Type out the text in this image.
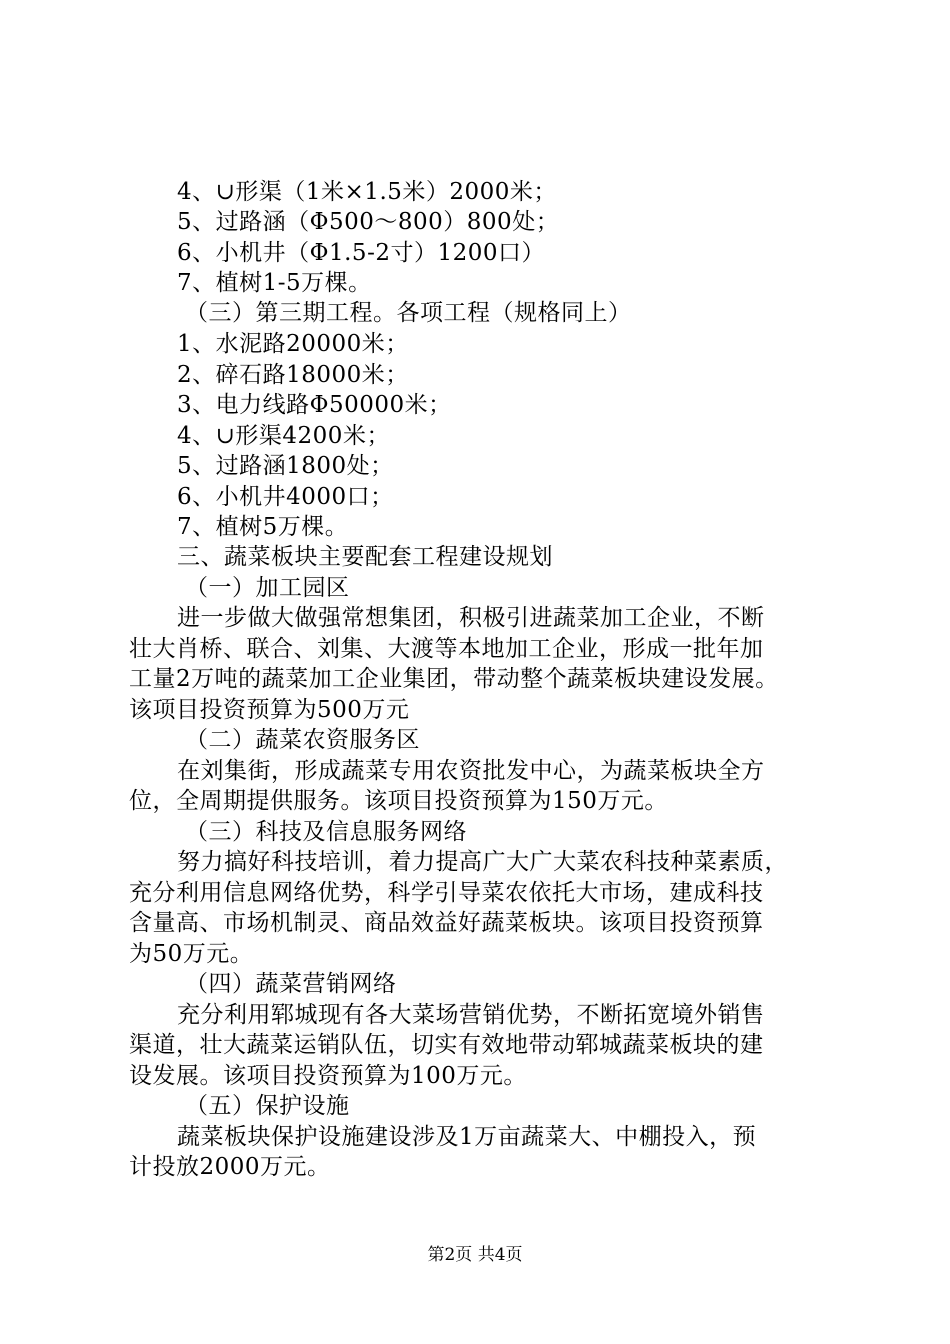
4、∪形渠（1米×1.5米）2000米；
5、过路涵（Φ500～800）800处；
6、小机井（Φ1.5-2寸）1200口）
7、植树1-5万棵。
（三）第三期工程。各项工程（规格同上）
1、水泥路20000米；
2、碎石路18000米；
3、电力线路Φ50000米；
4、∪形渠4200米；
5、过路涵1800处；
6、小机井4000口；
7、植树5万棵。
三、蔬菜板块主要配套工程建设规划
（一）加工园区
进一步做大做强常想集团，积极引进蔬菜加工企业，不断
壮大肖桥、联合、刘集、大渡等本地加工企业，形成一批年加
工量2万吨的蔬菜加工企业集团，带动整个蔬菜板块建设发展。
该项目投资预算为500万元
（二）蔬菜农资服务区
在刘集街，形成蔬菜专用农资批发中心，为蔬菜板块全方
位，全周期提供服务。该项目投资预算为150万元。
（三）科技及信息服务网络
努力搞好科技培训，着力提高广大广大菜农科技种菜素质，
充分利用信息网络优势，科学引导菜农依托大市场，建成科技
含量高、市场机制灵、商品效益好蔬菜板块。该项目投资预算
为50万元。
（四）蔬菜营销网络
充分利用郓城现有各大菜场营销优势，不断拓宽境外销售
渠道，壮大蔬菜运销队伍，切实有效地带动郓城蔬菜板块的建
设发展。该项目投资预算为100万元。
（五）保护设施
蔬菜板块保护设施建设涉及1万亩蔬菜大、中棚投入，预
计投放2000万元。
第2页 共4页
